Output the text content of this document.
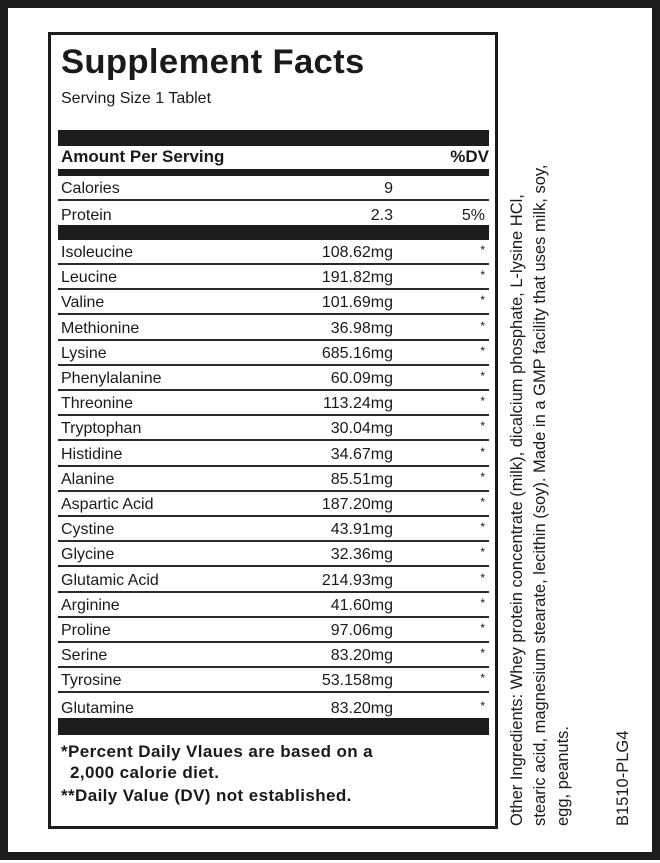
Supplement Facts
Serving Size 1 Tablet
Amount Per Serving	%DV
Calories	9
Protein	2.3	5%
Isoleucine	108.62mg	*
Leucine	191.82mg	*
Valine	101.69mg	*
Methionine	36.98mg	*
Lysine	685.16mg	*
Phenylalanine	60.09mg	*
Threonine	113.24mg	*
Tryptophan	30.04mg	*
Histidine	34.67mg	*
Alanine	85.51mg	*
Aspartic Acid	187.20mg	*
Cystine	43.91mg	*
Glycine	32.36mg	*
Glutamic Acid	214.93mg	*
Arginine	41.60mg	*
Proline	97.06mg	*
Serine	83.20mg	*
Tyrosine	53.158mg	*
Glutamine	83.20mg	*
*Percent Daily Vlaues are based on a
2,000 calorie diet.
**Daily Value (DV) not established.	Other Ingredients: Whey protein concentrate (milk), dicalcium phosphate, L-lysine HCl, stearic acid, magnesium stearate, lecithin (soy). Made in a GMP facility that uses milk, soy, egg, peanuts.	B1510-PLG4
